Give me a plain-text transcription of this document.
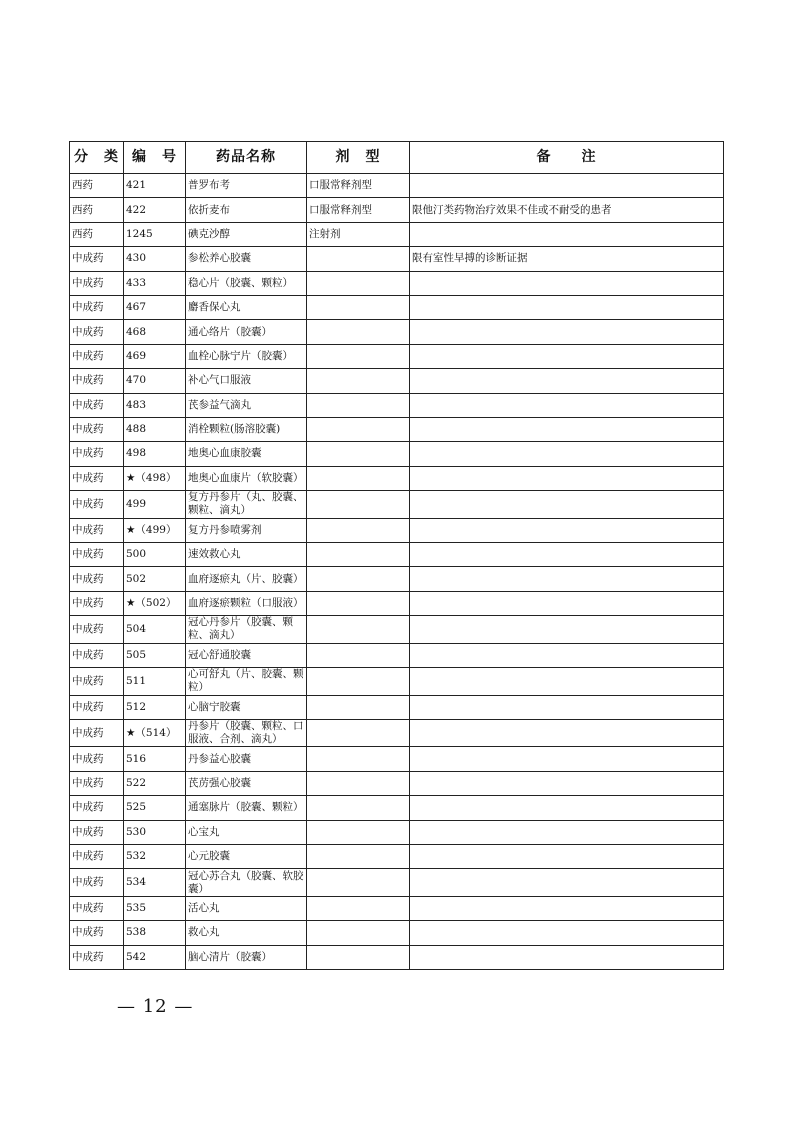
分　类	编　号	药品名称	剂　型	备　　注
西药	421	普罗布考	口服常释剂型	
西药	422	依折麦布	口服常释剂型	限他汀类药物治疗效果不佳或不耐受的患者
西药	1245	碘克沙醇	注射剂	
中成药	430	参松养心胶囊		限有室性早搏的诊断证据
中成药	433	稳心片（胶囊、颗粒）		
中成药	467	麝香保心丸		
中成药	468	通心络片（胶囊）		
中成药	469	血栓心脉宁片（胶囊）		
中成药	470	补心气口服液		
中成药	483	芪参益气滴丸		
中成药	488	消栓颗粒(肠溶胶囊)		
中成药	498	地奥心血康胶囊		
中成药	★（498）	地奥心血康片（软胶囊）		
中成药	499	复方丹参片（丸、胶囊、颗粒、滴丸）		
中成药	★（499）	复方丹参喷雾剂		
中成药	500	速效救心丸		
中成药	502	血府逐瘀丸（片、胶囊）		
中成药	★（502）	血府逐瘀颗粒（口服液）		
中成药	504	冠心丹参片（胶囊、颗粒、滴丸）		
中成药	505	冠心舒通胶囊		
中成药	511	心可舒丸（片、胶囊、颗粒）		
中成药	512	心脑宁胶囊		
中成药	★（514）	丹参片（胶囊、颗粒、口服液、合剂、滴丸）		
中成药	516	丹参益心胶囊		
中成药	522	芪苈强心胶囊		
中成药	525	通塞脉片（胶囊、颗粒）		
中成药	530	心宝丸		
中成药	532	心元胶囊		
中成药	534	冠心苏合丸（胶囊、软胶囊）		
中成药	535	活心丸		
中成药	538	救心丸		
中成药	542	脑心清片（胶囊）		
— 12 —
